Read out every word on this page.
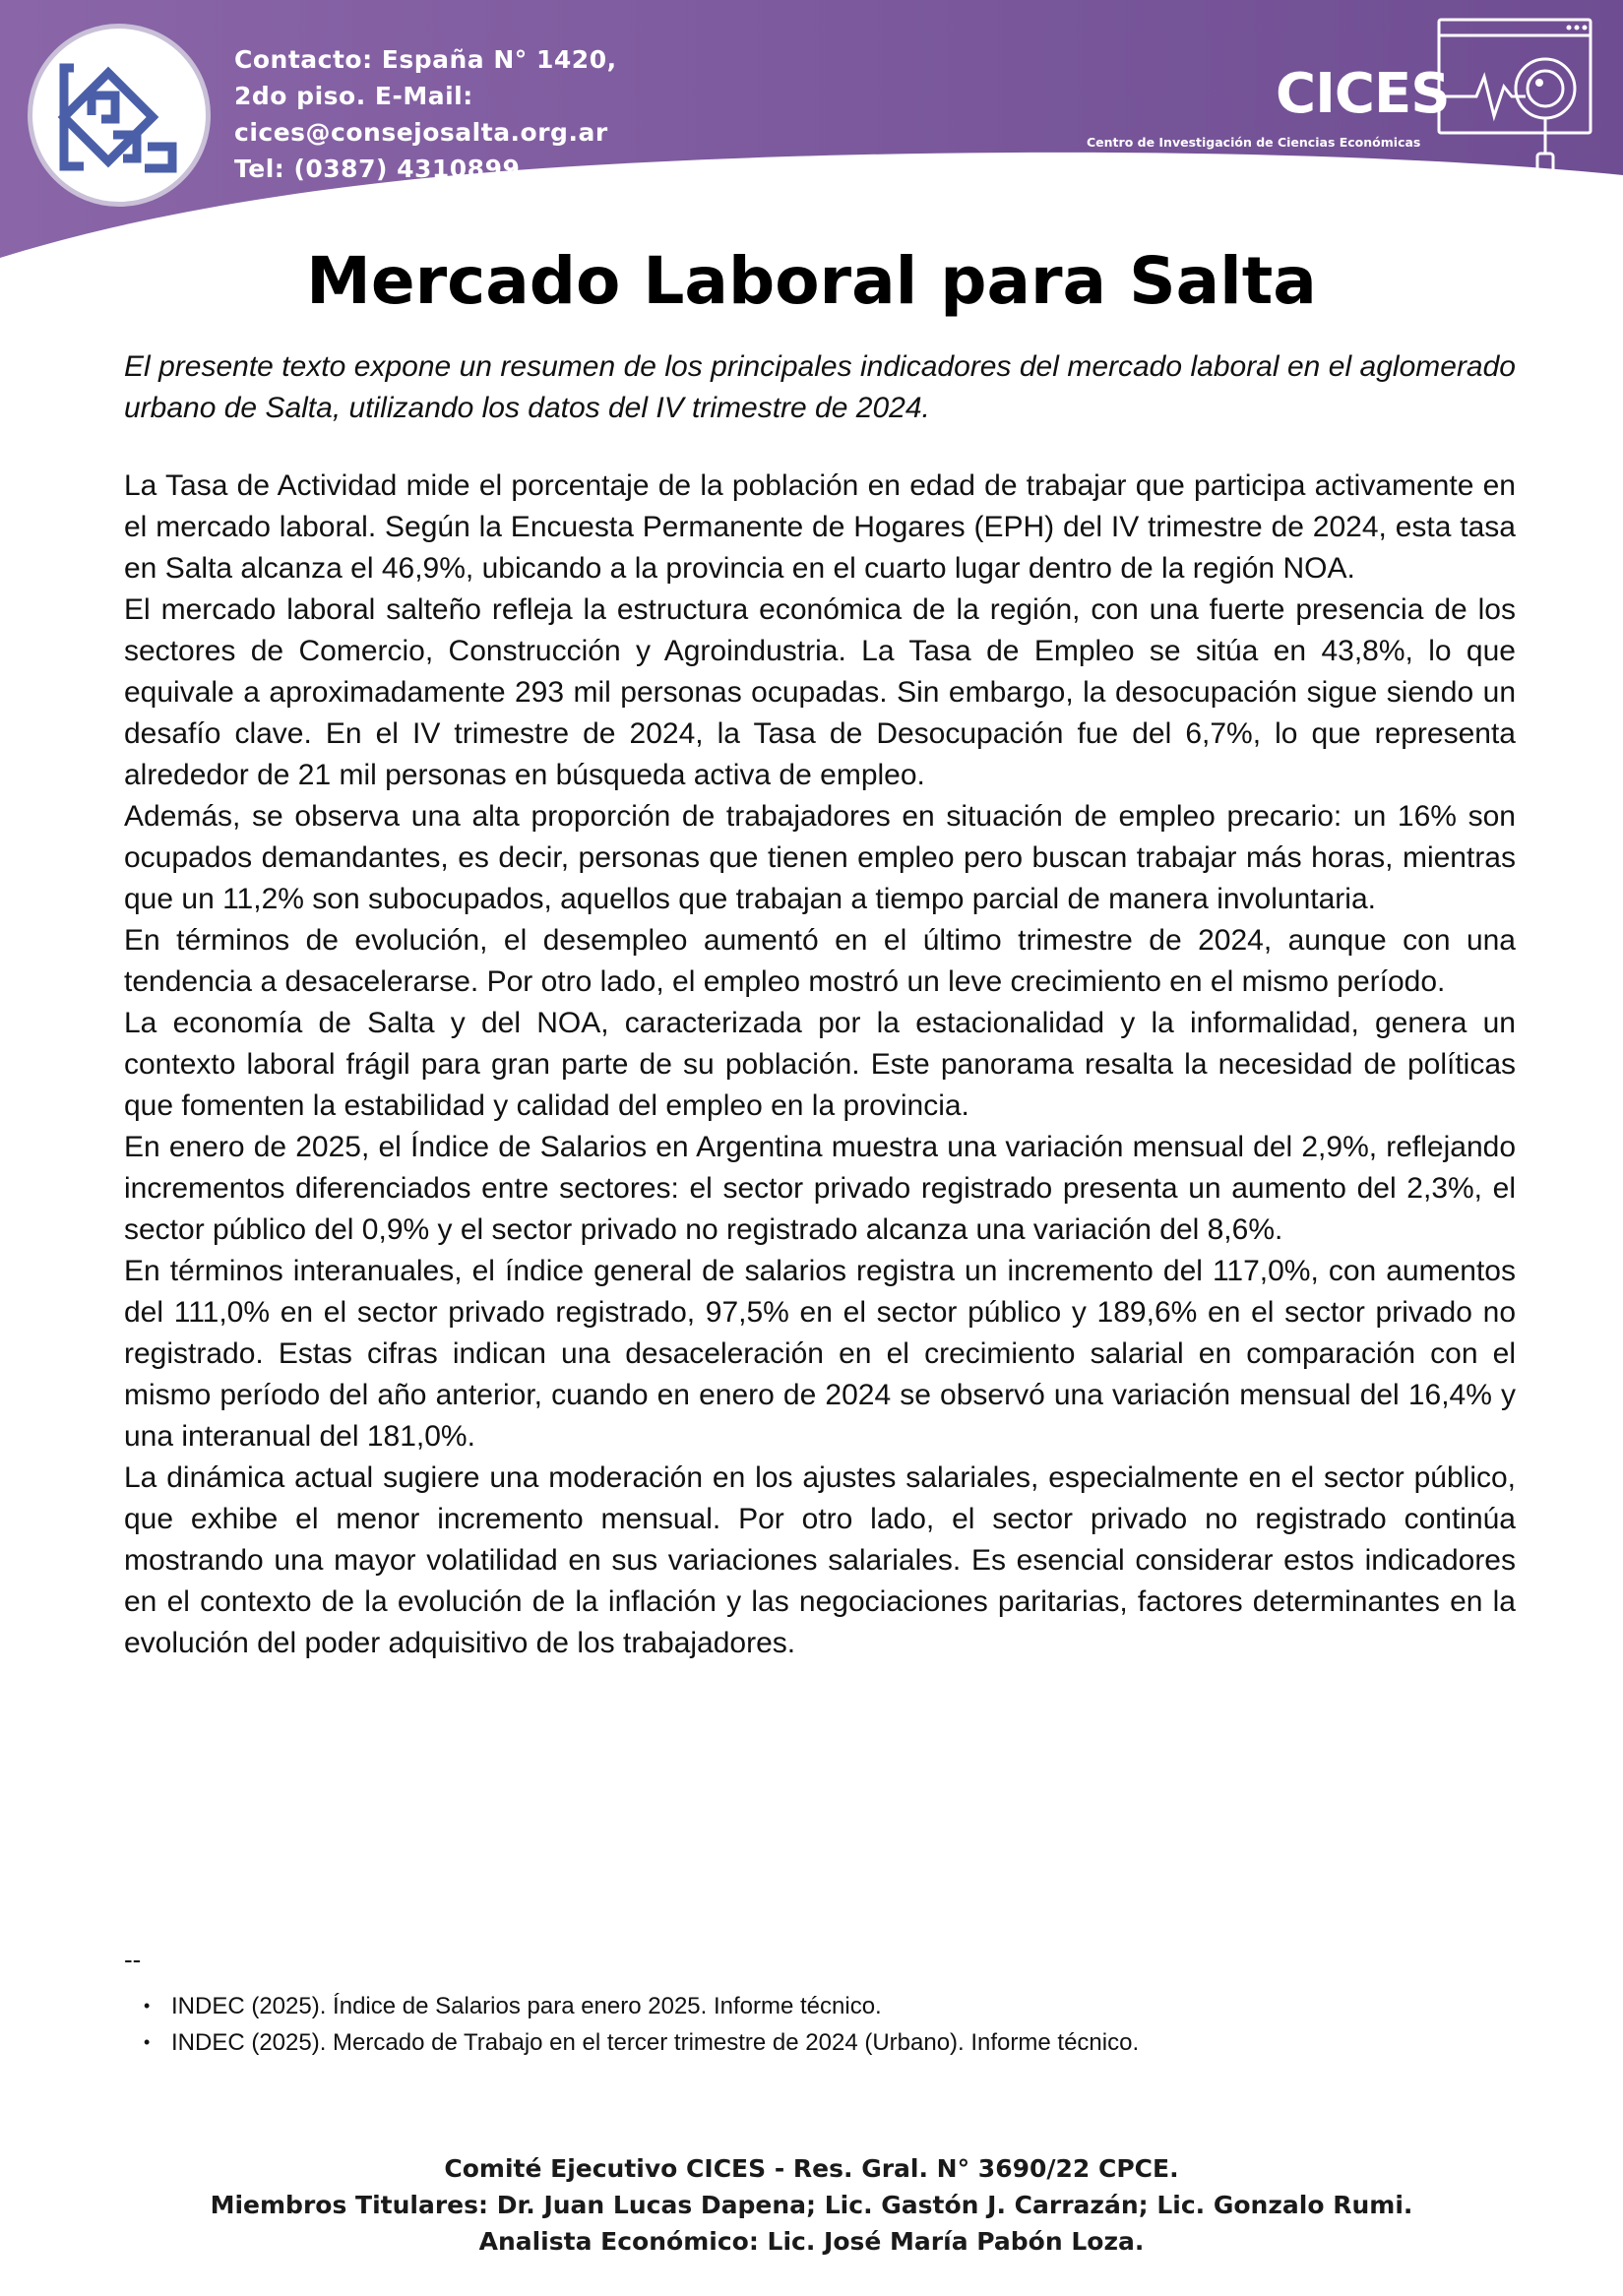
Contacto: España N° 1420,
2do piso. E-Mail:
cices@consejosalta.org.ar
Tel: (0387) 4310899
CICES
Centro de Investigación de Ciencias Económicas
Mercado Laboral para Salta

El presente texto expone un resumen de los principales indicadores del mercado laboral en el aglomerado urbano de Salta, utilizando los datos del IV trimestre de 2024.

La Tasa de Actividad mide el porcentaje de la población en edad de trabajar que participa activamente en el mercado laboral. Según la Encuesta Permanente de Hogares (EPH) del IV trimestre de 2024, esta tasa en Salta alcanza el 46,9%, ubicando a la provincia en el cuarto lugar dentro de la región NOA.

El mercado laboral salteño refleja la estructura económica de la región, con una fuerte presencia de los sectores de Comercio, Construcción y Agroindustria. La Tasa de Empleo se sitúa en 43,8%, lo que equivale a aproximadamente 293 mil personas ocupadas. Sin embargo, la desocupación sigue siendo un desafío clave. En el IV trimestre de 2024, la Tasa de Desocupación fue del 6,7%, lo que representa alrededor de 21 mil personas en búsqueda activa de empleo.

Además, se observa una alta proporción de trabajadores en situación de empleo precario: un 16% son ocupados demandantes, es decir, personas que tienen empleo pero buscan trabajar más horas, mientras que un 11,2% son subocupados, aquellos que trabajan a tiempo parcial de manera involuntaria.

En términos de evolución, el desempleo aumentó en el último trimestre de 2024, aunque con una tendencia a desacelerarse. Por otro lado, el empleo mostró un leve crecimiento en el mismo período.

La economía de Salta y del NOA, caracterizada por la estacionalidad y la informalidad, genera un contexto laboral frágil para gran parte de su población. Este panorama resalta la necesidad de políticas que fomenten la estabilidad y calidad del empleo en la provincia.

En enero de 2025, el Índice de Salarios en Argentina muestra una variación mensual del 2,9%, reflejando incrementos diferenciados entre sectores: el sector privado registrado presenta un aumento del 2,3%, el sector público del 0,9% y el sector privado no registrado alcanza una variación del 8,6%.

En términos interanuales, el índice general de salarios registra un incremento del 117,0%, con aumentos del 111,0% en el sector privado registrado, 97,5% en el sector público y 189,6% en el sector privado no registrado. Estas cifras indican una desaceleración en el crecimiento salarial en comparación con el mismo período del año anterior, cuando en enero de 2024 se observó una variación mensual del 16,4% y una interanual del 181,0%.

La dinámica actual sugiere una moderación en los ajustes salariales, especialmente en el sector público, que exhibe el menor incremento mensual. Por otro lado, el sector privado no registrado continúa mostrando una mayor volatilidad en sus variaciones salariales. Es esencial considerar estos indicadores en el contexto de la evolución de la inflación y las negociaciones paritarias, factores determinantes en la evolución del poder adquisitivo de los trabajadores.

--
• INDEC (2025). Índice de Salarios para enero 2025. Informe técnico.
• INDEC (2025). Mercado de Trabajo en el tercer trimestre de 2024 (Urbano). Informe técnico.
Comité Ejecutivo CICES - Res. Gral. N° 3690/22 CPCE.
Miembros Titulares: Dr. Juan Lucas Dapena; Lic. Gastón J. Carrazán; Lic. Gonzalo Rumi.
Analista Económico: Lic. José María Pabón Loza.
